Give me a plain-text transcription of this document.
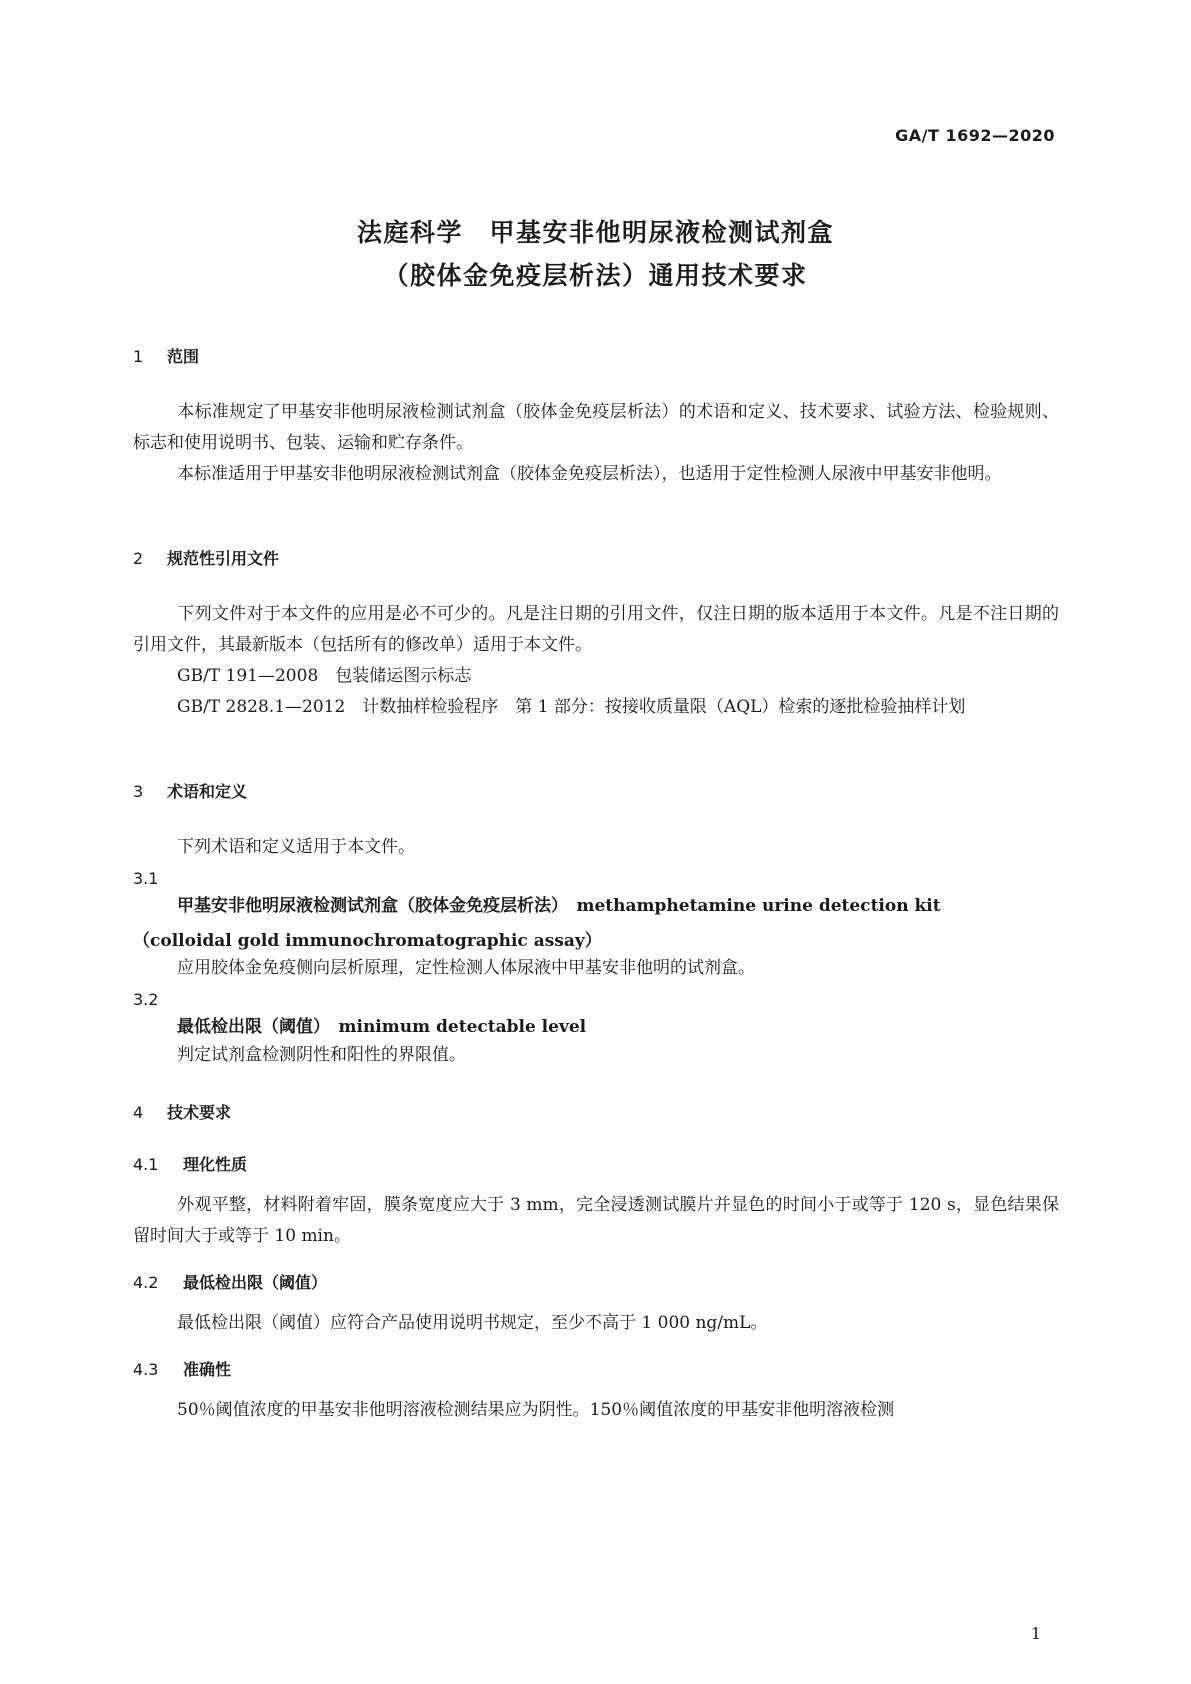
GA/T 1692—2020
法庭科学　甲基安非他明尿液检测试剂盒
（胶体金免疫层析法）通用技术要求
1 范围
本标准规定了甲基安非他明尿液检测试剂盒（胶体金免疫层析法）的术语和定义、技术要求、试验方法、检验规则、标志和使用说明书、包装、运输和贮存条件。
本标准适用于甲基安非他明尿液检测试剂盒（胶体金免疫层析法），也适用于定性检测人尿液中甲基安非他明。
2 规范性引用文件
下列文件对于本文件的应用是必不可少的。凡是注日期的引用文件，仅注日期的版本适用于本文件。凡是不注日期的引用文件，其最新版本（包括所有的修改单）适用于本文件。
GB/T 191—2008　包装储运图示标志
GB/T 2828.1—2012　计数抽样检验程序　第 1 部分：按接收质量限（AQL）检索的逐批检验抽样计划
3 术语和定义
下列术语和定义适用于本文件。
3.1
甲基安非他明尿液检测试剂盒（胶体金免疫层析法）　methamphetamine urine detection kit
（colloidal gold immunochromatographic assay）
应用胶体金免疫侧向层析原理，定性检测人体尿液中甲基安非他明的试剂盒。
3.2
最低检出限（阈值）　minimum detectable level
判定试剂盒检测阴性和阳性的界限值。
4 技术要求
4.1 理化性质
外观平整，材料附着牢固，膜条宽度应大于 3 mm，完全浸透测试膜片并显色的时间小于或等于 120 s，显色结果保留时间大于或等于 10 min。
4.2 最低检出限（阈值）
最低检出限（阈值）应符合产品使用说明书规定，至少不高于 1 000 ng/mL。
4.3 准确性
50％阈值浓度的甲基安非他明溶液检测结果应为阴性。150％阈值浓度的甲基安非他明溶液检测
1
